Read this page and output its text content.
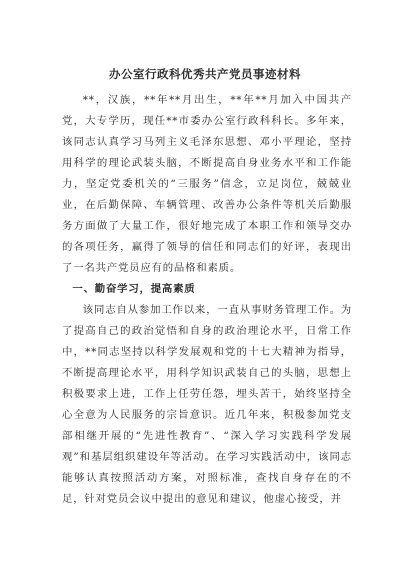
办公室行政科优秀共产党员事迹材料

**，汉族，**年**月出生，**年**月加入中国共产党，大专学历，现任**市委办公室行政科科长。多年来，该同志认真学习马列主义毛泽东思想、邓小平理论，坚持用科学的理论武装头脑，不断提高自身业务水平和工作能力，坚定党委机关的“三服务”信念，立足岗位，兢兢业业，在后勤保障、车辆管理、改善办公条件等机关后勤服务方面做了大量工作，很好地完成了本职工作和领导交办的各项任务，赢得了领导的信任和同志们的好评，表现出了一名共产党员应有的品格和素质。

一、勤奋学习，提高素质

该同志自从参加工作以来，一直从事财务管理工作。为了提高自己的政治觉悟和自身的政治理论水平，日常工作中，**同志坚持以科学发展观和党的十七大精神为指导，不断提高理论水平，用科学知识武装自己的头脑，思想上积极要求上进，工作上任劳任怨，埋头苦干，始终坚持全心全意为人民服务的宗旨意识。近几年来，积极参加党支部相继开展的“先进性教育”、“深入学习实践科学发展观”和基层组织建设年等活动。在学习实践活动中，该同志能够认真按照活动方案，对照标准，查找自身存在的不足，针对党员会议中提出的意见和建议，他虚心接受，并
